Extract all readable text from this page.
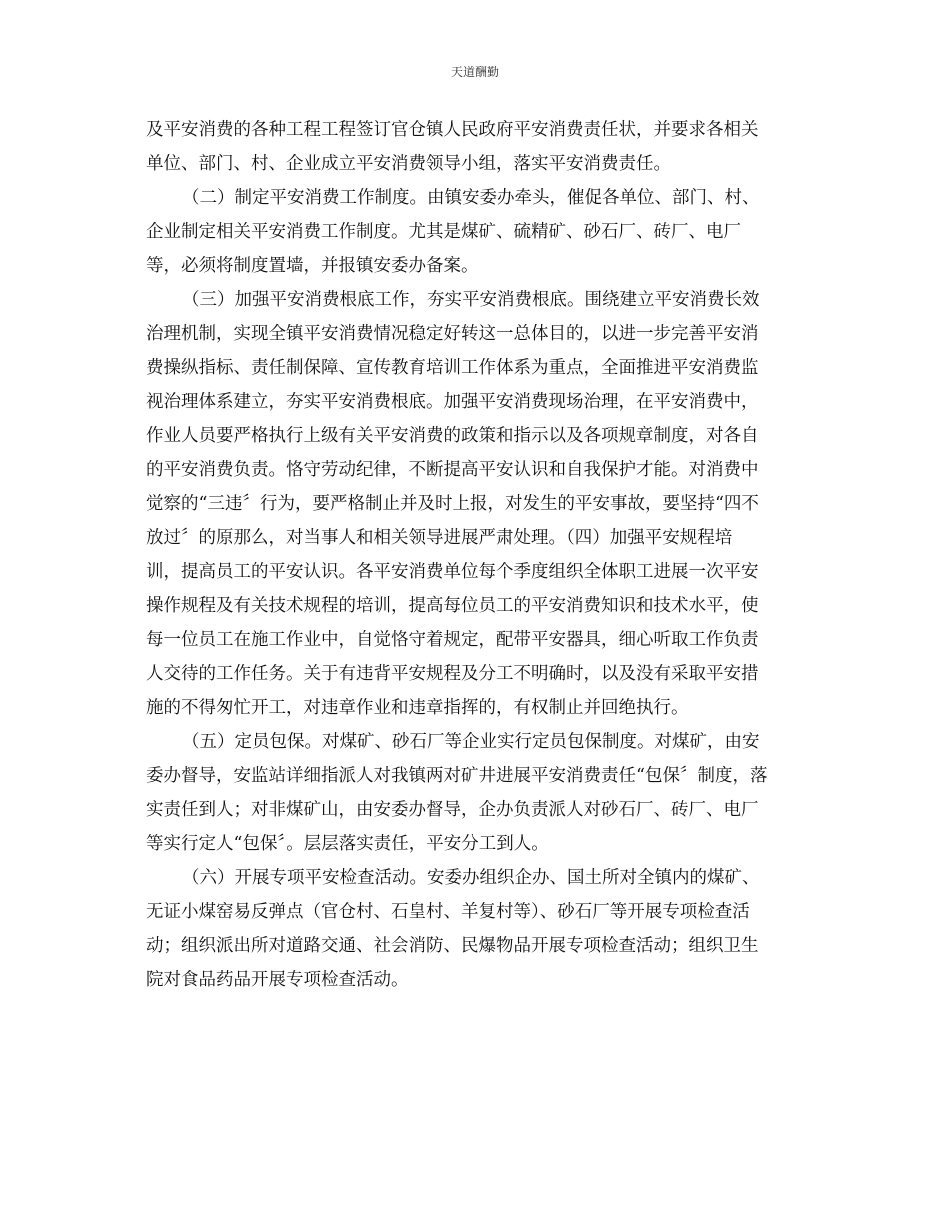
天道酬勤
及平安消费的各种工程工程签订官仓镇人民政府平安消费责任状，并要求各相关
单位、部门、村、企业成立平安消费领导小组，落实平安消费责任。
（二）制定平安消费工作制度。由镇安委办牵头，催促各单位、部门、村、
企业制定相关平安消费工作制度。尤其是煤矿、硫精矿、砂石厂、砖厂、电厂
等，必须将制度置墙，并报镇安委办备案。
（三）加强平安消费根底工作，夯实平安消费根底。围绕建立平安消费长效
治理机制，实现全镇平安消费情况稳定好转这一总体目的，以进一步完善平安消
费操纵指标、责任制保障、宣传教育培训工作体系为重点，全面推进平安消费监
视治理体系建立，夯实平安消费根底。加强平安消费现场治理，在平安消费中，
作业人员要严格执行上级有关平安消费的政策和指示以及各项规章制度，对各自
的平安消费负责。恪守劳动纪律，不断提高平安认识和自我保护才能。对消费中
觉察的“三违〞行为，要严格制止并及时上报，对发生的平安事故，要坚持“四不
放过〞的原那么，对当事人和相关领导进展严肃处理。（四）加强平安规程培
训，提高员工的平安认识。各平安消费单位每个季度组织全体职工进展一次平安
操作规程及有关技术规程的培训，提高每位员工的平安消费知识和技术水平，使
每一位员工在施工作业中，自觉恪守着规定，配带平安器具，细心听取工作负责
人交待的工作任务。关于有违背平安规程及分工不明确时，以及没有采取平安措
施的不得匆忙开工，对违章作业和违章指挥的，有权制止并回绝执行。
（五）定员包保。对煤矿、砂石厂等企业实行定员包保制度。对煤矿，由安
委办督导，安监站详细指派人对我镇两对矿井进展平安消费责任“包保〞制度，落
实责任到人；对非煤矿山，由安委办督导，企办负责派人对砂石厂、砖厂、电厂
等实行定人“包保〞。层层落实责任，平安分工到人。
（六）开展专项平安检查活动。安委办组织企办、国土所对全镇内的煤矿、
无证小煤窑易反弹点（官仓村、石皇村、羊复村等）、砂石厂等开展专项检查活
动；组织派出所对道路交通、社会消防、民爆物品开展专项检查活动；组织卫生
院对食品药品开展专项检查活动。
